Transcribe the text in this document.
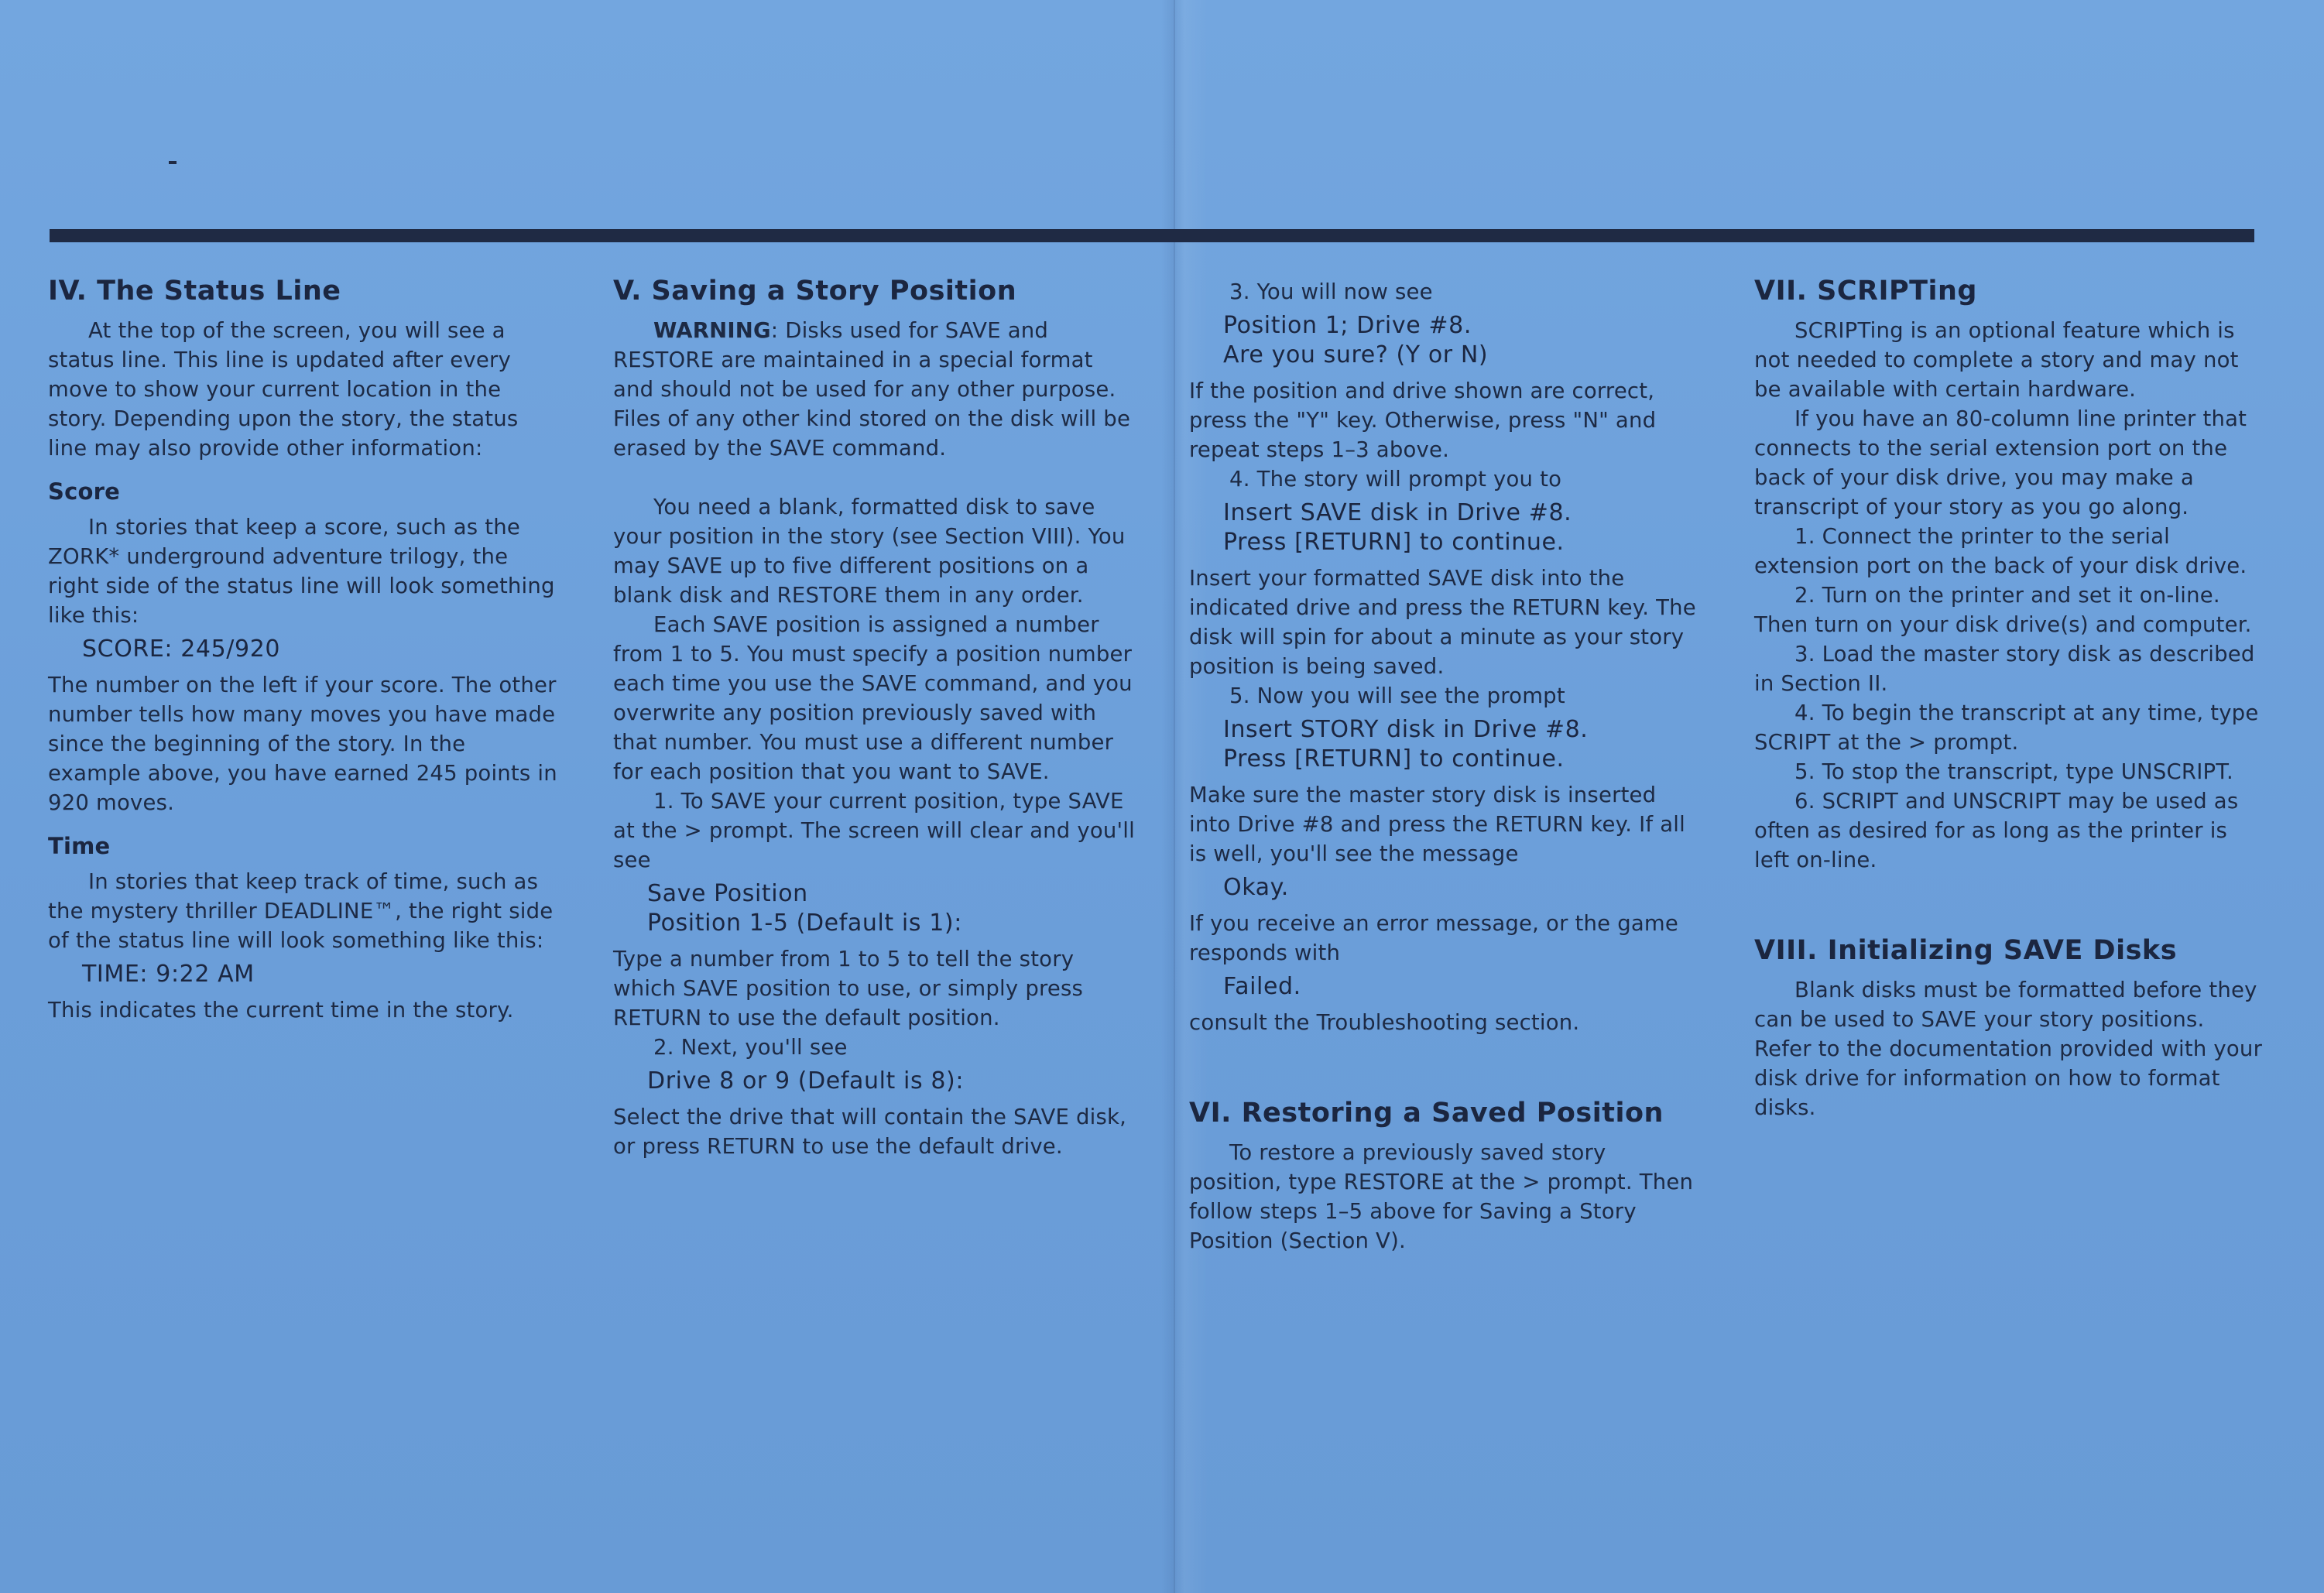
IV. The Status Line

At the top of the screen, you will see a status line. This line is updated after every move to show your current location in the story. Depending upon the story, the status line may also provide other information:

Score

In stories that keep a score, such as the ZORK* underground adventure trilogy, the right side of the status line will look something like this:

SCORE: 245/920

The number on the left if your score. The other number tells how many moves you have made since the beginning of the story. In the example above, you have earned 245 points in 920 moves.

Time

In stories that keep track of time, such as the mystery thriller DEADLINE™, the right side of the status line will look something like this:

TIME: 9:22 AM

This indicates the current time in the story.

V. Saving a Story Position

WARNING: Disks used for SAVE and RESTORE are maintained in a special format and should not be used for any other purpose. Files of any other kind stored on the disk will be erased by the SAVE command.

You need a blank, formatted disk to save your position in the story (see Section VIII). You may SAVE up to five different positions on a blank disk and RESTORE them in any order.

Each SAVE position is assigned a number from 1 to 5. You must specify a position number each time you use the SAVE command, and you overwrite any position previously saved with that number. You must use a different number for each position that you want to SAVE.

1. To SAVE your current position, type SAVE at the > prompt. The screen will clear and you'll see

Save Position
Position 1-5 (Default is 1):

Type a number from 1 to 5 to tell the story which SAVE position to use, or simply press RETURN to use the default position.

2. Next, you'll see

Drive 8 or 9 (Default is 8):

Select the drive that will contain the SAVE disk, or press RETURN to use the default drive.

3. You will now see

Position 1; Drive #8.
Are you sure? (Y or N)

If the position and drive shown are correct, press the "Y" key. Otherwise, press "N" and repeat steps 1–3 above.

4. The story will prompt you to

Insert SAVE disk in Drive #8.
Press [RETURN] to continue.

Insert your formatted SAVE disk into the indicated drive and press the RETURN key. The disk will spin for about a minute as your story position is being saved.

5. Now you will see the prompt

Insert STORY disk in Drive #8.
Press [RETURN] to continue.

Make sure the master story disk is inserted into Drive #8 and press the RETURN key. If all is well, you'll see the message

Okay.

If you receive an error message, or the game responds with

Failed.

consult the Troubleshooting section.

VI. Restoring a Saved Position

To restore a previously saved story position, type RESTORE at the > prompt. Then follow steps 1–5 above for Saving a Story Position (Section V).

VII. SCRIPTing

SCRIPTing is an optional feature which is not needed to complete a story and may not be available with certain hardware.

If you have an 80-column line printer that connects to the serial extension port on the back of your disk drive, you may make a transcript of your story as you go along.

1. Connect the printer to the serial extension port on the back of your disk drive.

2. Turn on the printer and set it on-line. Then turn on your disk drive(s) and computer.

3. Load the master story disk as described in Section II.

4. To begin the transcript at any time, type SCRIPT at the > prompt.

5. To stop the transcript, type UNSCRIPT.

6. SCRIPT and UNSCRIPT may be used as often as desired for as long as the printer is left on-line.

VIII. Initializing SAVE Disks

Blank disks must be formatted before they can be used to SAVE your story positions. Refer to the documentation provided with your disk drive for information on how to format disks.
